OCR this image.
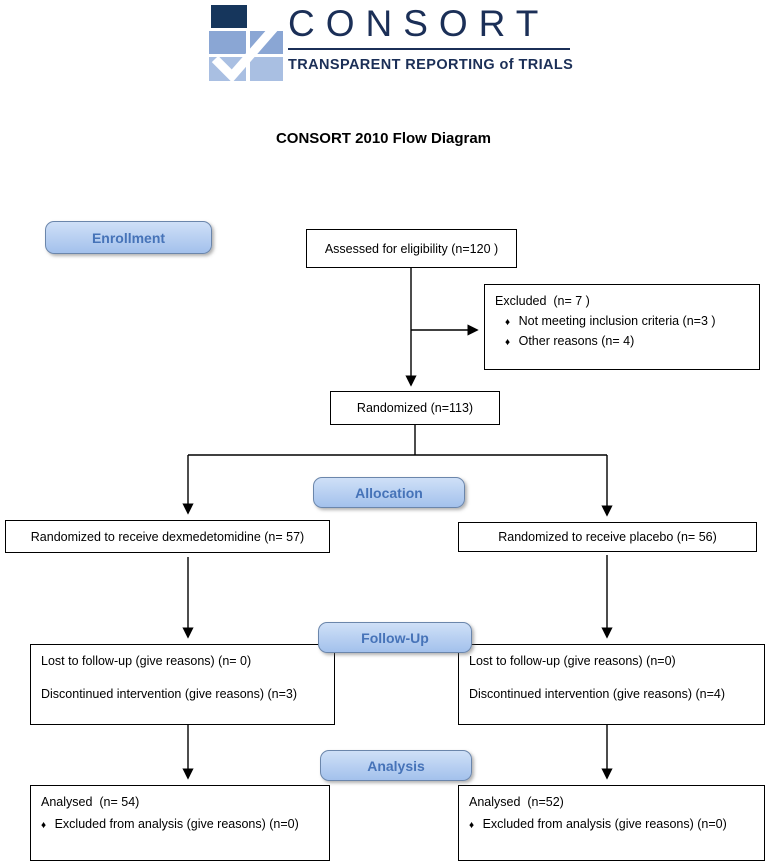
CONSORT
TRANSPARENT REPORTING of TRIALS
CONSORT 2010 Flow Diagram
Enrollment
Allocation
Follow-Up
Analysis
Assessed for eligibility (n=120 )
Excluded  (n= 7 )
♦ Not meeting inclusion criteria (n=3 )
♦ Other reasons (n= 4)
Randomized (n=113)
Randomized to receive dexmedetomidine (n= 57)	Randomized to receive placebo (n= 56)
Lost to follow-up (give reasons) (n= 0)
Discontinued intervention (give reasons) (n=3)
Lost to follow-up (give reasons) (n=0)
Discontinued intervention (give reasons) (n=4)
Analysed  (n= 54)
♦ Excluded from analysis (give reasons) (n=0)
Analysed  (n=52)
♦ Excluded from analysis (give reasons) (n=0)
